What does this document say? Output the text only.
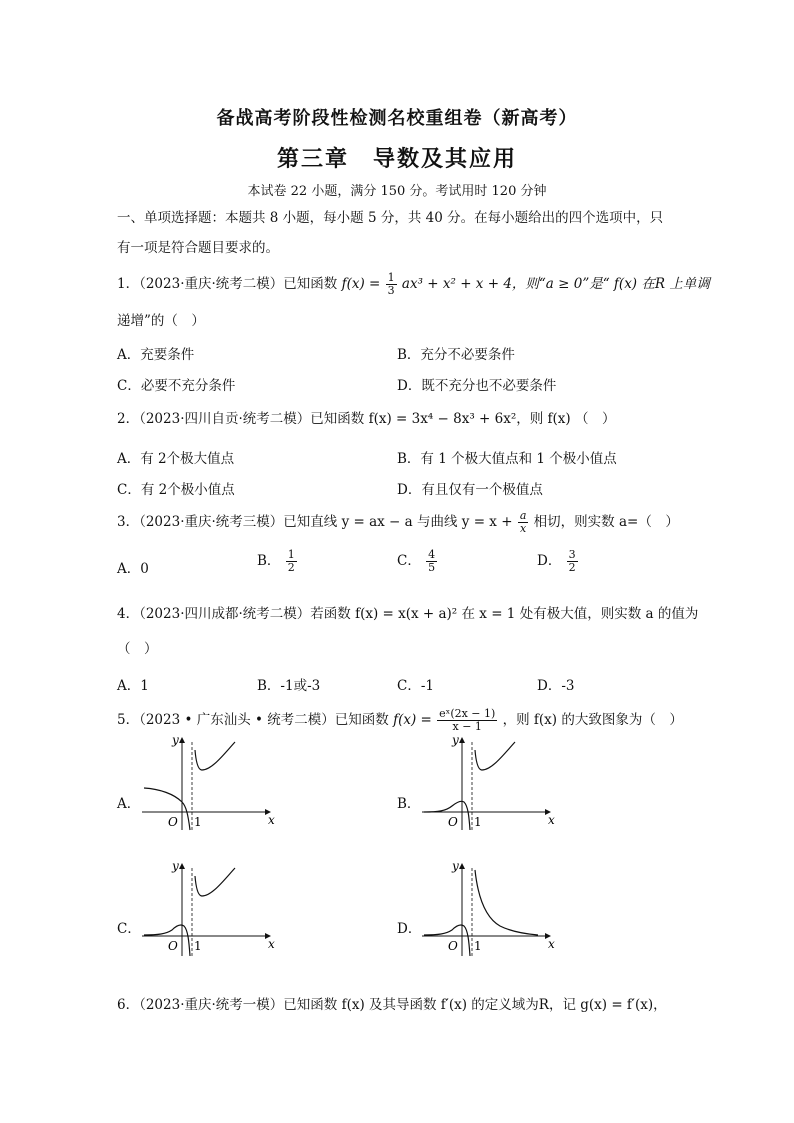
备战高考阶段性检测名校重组卷（新高考）
第三章　导数及其应用
本试卷 22 小题，满分 150 分。考试用时 120 分钟
一、单项选择题：本题共 8 小题，每小题 5 分，共 40 分。在每小题给出的四个选项中，只
有一项是符合题目要求的。
1．（2023·重庆·统考二模）已知函数 $f(x) = \frac{1}{3} ax^3 + x^2 + x + 4$，则“a ≥ 0”是“ f(x) 在R 上单调
递增”的（　）
A．充要条件	B．充分不必要条件
C．必要不充分条件	D．既不充分也不必要条件
2．（2023·四川自贡·统考二模）已知函数 f(x) = 3x⁴ − 8x³ + 6x²，则 f(x) （　）
A．有 2个极大值点	B．有 1 个极大值点和 1 个极小值点
C．有 2个极小值点	D．有且仅有一个极值点
3．（2023·重庆·统考三模）已知直线 y = ax − a 与曲线 $y = x + \frac{a}{x}$ 相切，则实数 a=（　）
A．0	B． $\frac{1}{2}$	C． $\frac{4}{5}$	D． $\frac{3}{2}$
4．（2023·四川成都·统考二模）若函数 f(x) = x(x + a)² 在 x = 1 处有极大值，则实数 a 的值为
（　）
A．1	B．-1或-3	C．-1	D．-3
5．（2023 • 广东汕头 • 统考二模）已知函数 $f(x) = \frac{\text{eˣ(2x − 1)}}{x - 1}$ ，则 f(x) 的大致图象为（　）
A．	B．
C．	D．
y
x
O 1
y
x
O 1
y
x
O 1
y
x
O 1
6．（2023·重庆·统考一模）已知函数 f(x) 及其导函数 f′(x) 的定义域为R，记 g(x) = f′(x)，
